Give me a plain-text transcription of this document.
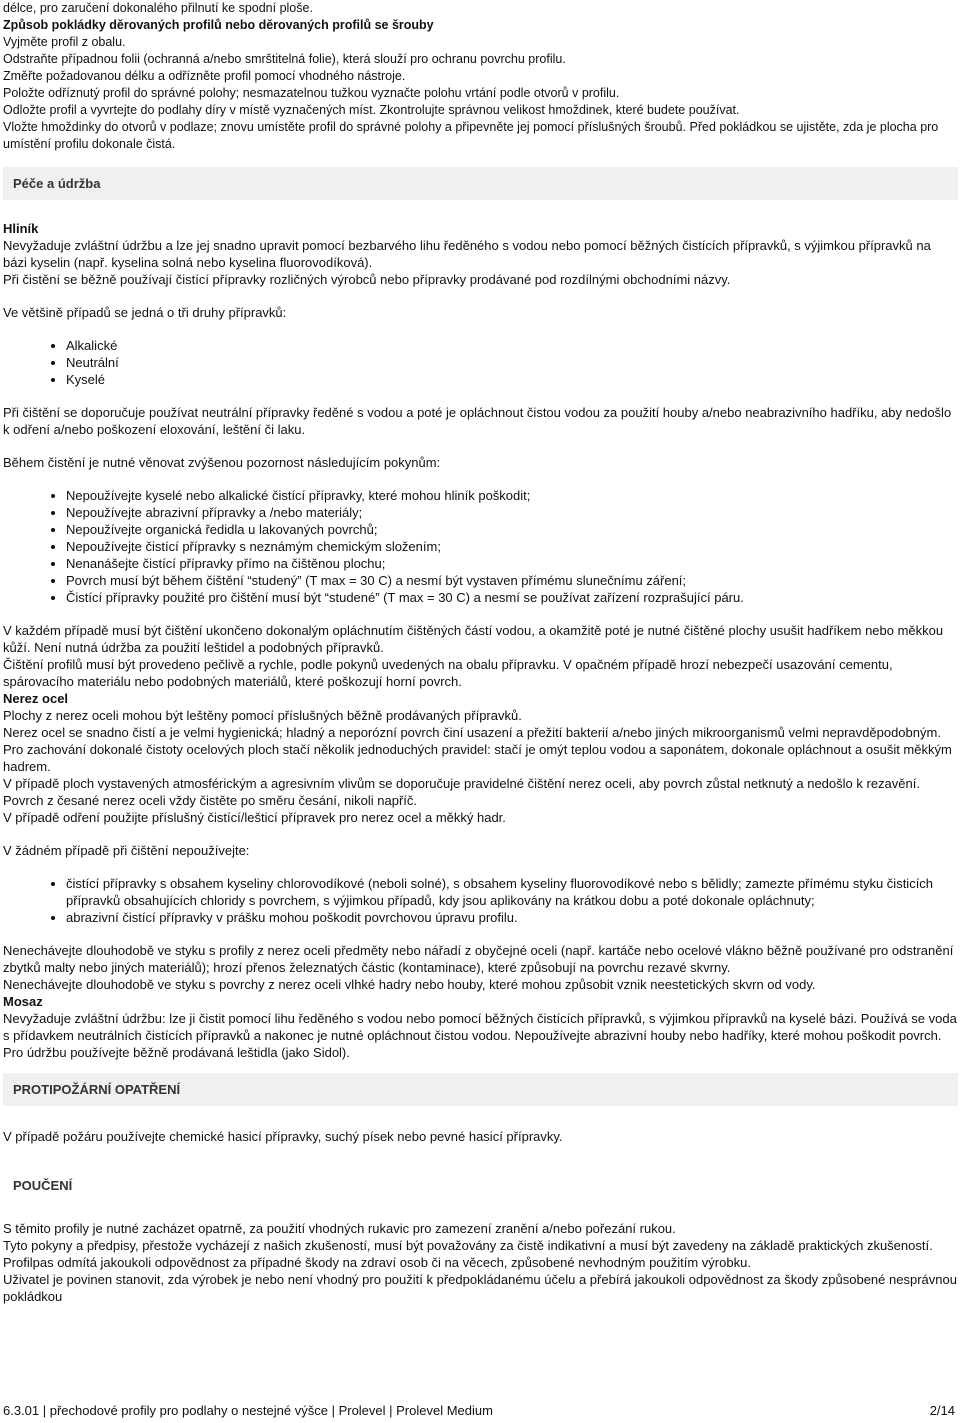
délce, pro zaručení dokonalého přilnutí ke spodní ploše.

Způsob pokládky děrovaných profilů nebo děrovaných profilů se šrouby

Vyjměte profil z obalu.

Odstraňte případnou folii (ochranná a/nebo smrštitelná folie), která slouží pro ochranu povrchu profilu.

Změřte požadovanou délku a odřízněte profil pomocí vhodného nástroje.

Položte odříznutý profil do správné polohy; nesmazatelnou tužkou vyznačte polohu vrtání podle otvorů v profilu.

Odložte profil a vyvrtejte do podlahy díry v místě vyznačených míst. Zkontrolujte správnou velikost hmoždinek, které budete používat.

Vložte hmoždinky do otvorů v podlaze; znovu umístěte profil do správné polohy a připevněte jej pomocí příslušných šroubů. Před pokládkou se ujistěte, zda je plocha pro umístění profilu dokonale čistá.

Péče a údržba

Hliník

Nevyžaduje zvláštní údržbu a lze jej snadno upravit pomocí bezbarvého lihu ředěného s vodou nebo pomocí běžných čistících přípravků, s výjimkou přípravků na bázi kyselin (např. kyselina solná nebo kyselina fluorovodíková).

Při čistění se běžně používají čistící přípravky rozličných výrobců nebo přípravky prodávané pod rozdílnými obchodními názvy.

Ve většině případů se jedná o tři druhy přípravků:

• Alkalické
• Neutrální
• Kyselé

Při čištění se doporučuje používat neutrální přípravky ředěné s vodou a poté je opláchnout čistou vodou za použití houby a/nebo neabrazivního hadříku, aby nedošlo k odření a/nebo poškození eloxování, leštění či laku.

Během čistění je nutné věnovat zvýšenou pozornost následujícím pokynům:

• Nepoužívejte kyselé nebo alkalické čistící přípravky, které mohou hliník poškodit;
• Nepoužívejte abrazivní přípravky a /nebo materiály;
• Nepoužívejte organická ředidla u lakovaných povrchů;
• Nepoužívejte čistící přípravky s neznámým chemickým složením;
• Nenanášejte čistící přípravky přímo na čištěnou plochu;
• Povrch musí být během čištění “studený” (T max = 30 C) a nesmí být vystaven přímému slunečnímu záření;
• Čistící přípravky použité pro čištění musí být “studené” (T max = 30 C) a nesmí se používat zařízení rozprašující páru.

V každém případě musí být čištění ukončeno dokonalým opláchnutím čištěných částí vodou, a okamžitě poté je nutné čištěné plochy usušit hadříkem nebo měkkou kůží. Není nutná údržba za použití leštidel a podobných přípravků.

Čištění profilů musí být provedeno pečlivě a rychle, podle pokynů uvedených na obalu přípravku. V opačném případě hrozí nebezpečí usazování cementu, spárovacího materiálu nebo podobných materiálů, které poškozují horní povrch.

Nerez ocel

Plochy z nerez oceli mohou být leštěny pomocí příslušných běžně prodávaných přípravků.

Nerez ocel se snadno čistí a je velmi hygienická; hladný a neporózní povrch činí usazení a přežití bakterií a/nebo jiných mikroorganismů velmi nepravděpodobným.

Pro zachování dokonalé čistoty ocelových ploch stačí několik jednoduchých pravidel: stačí je omýt teplou vodou a saponátem, dokonale opláchnout a osušit měkkým hadrem.

V případě ploch vystavených atmosférickým a agresivním vlivům se doporučuje pravidelné čištění nerez oceli, aby povrch zůstal netknutý a nedošlo k rezavění.

Povrch z česané nerez oceli vždy čistěte po směru česání, nikoli napříč.

V případě odření použijte příslušný čistící/lešticí přípravek pro nerez ocel a měkký hadr.

V žádném případě při čištění nepoužívejte:

• čistící přípravky s obsahem kyseliny chlorovodíkové (neboli solné), s obsahem kyseliny fluorovodíkové nebo s bělidly; zamezte přímému styku čisticích přípravků obsahujících chloridy s povrchem, s výjimkou případů, kdy jsou aplikovány na krátkou dobu a poté dokonale opláchnuty;
• abrazivní čistící přípravky v prášku mohou poškodit povrchovou úpravu profilu.

Nenechávejte dlouhodobě ve styku s profily z nerez oceli předměty nebo nářadí z obyčejné oceli (např. kartáče nebo ocelové vlákno běžně používané pro odstranění zbytků malty nebo jiných materiálů); hrozí přenos železnatých částic (kontaminace), které způsobují na povrchu rezavé skvrny.

Nenechávejte dlouhodobě ve styku s povrchy z nerez oceli vlhké hadry nebo houby, které mohou způsobit vznik neestetických skvrn od vody.

Mosaz

Nevyžaduje zvláštní údržbu: lze ji čistit pomocí lihu ředěného s vodou nebo pomocí běžných čistících přípravků, s výjimkou přípravků na kyselé bázi. Používá se voda s přídavkem neutrálních čistících přípravků a nakonec je nutné opláchnout čistou vodou. Nepoužívejte abrazivní houby nebo hadříky, které mohou poškodit povrch. Pro údržbu používejte běžně prodávaná leštidla (jako Sidol).

PROTIPOŽÁRNÍ OPATŘENÍ

V případě požáru používejte chemické hasicí přípravky, suchý písek nebo pevné hasicí přípravky.

POUČENÍ

S těmito profily je nutné zacházet opatrně, za použití vhodných rukavic pro zamezení zranění a/nebo pořezání rukou.

Tyto pokyny a předpisy, přestože vycházejí z našich zkušeností, musí být považovány za čistě indikativní a musí být zavedeny na základě praktických zkušeností.

Profilpas odmítá jakoukoli odpovědnost za případné škody na zdraví osob či na věcech, způsobené nevhodným použitím výrobku.

Uživatel je povinen stanovit, zda výrobek je nebo není vhodný pro použití k předpokládanému účelu a přebírá jakoukoli odpovědnost za škody způsobené nesprávnou pokládkou

6.3.01 | přechodové profily pro podlahy o nestejné výšce | Prolevel | Prolevel Medium	2/14
